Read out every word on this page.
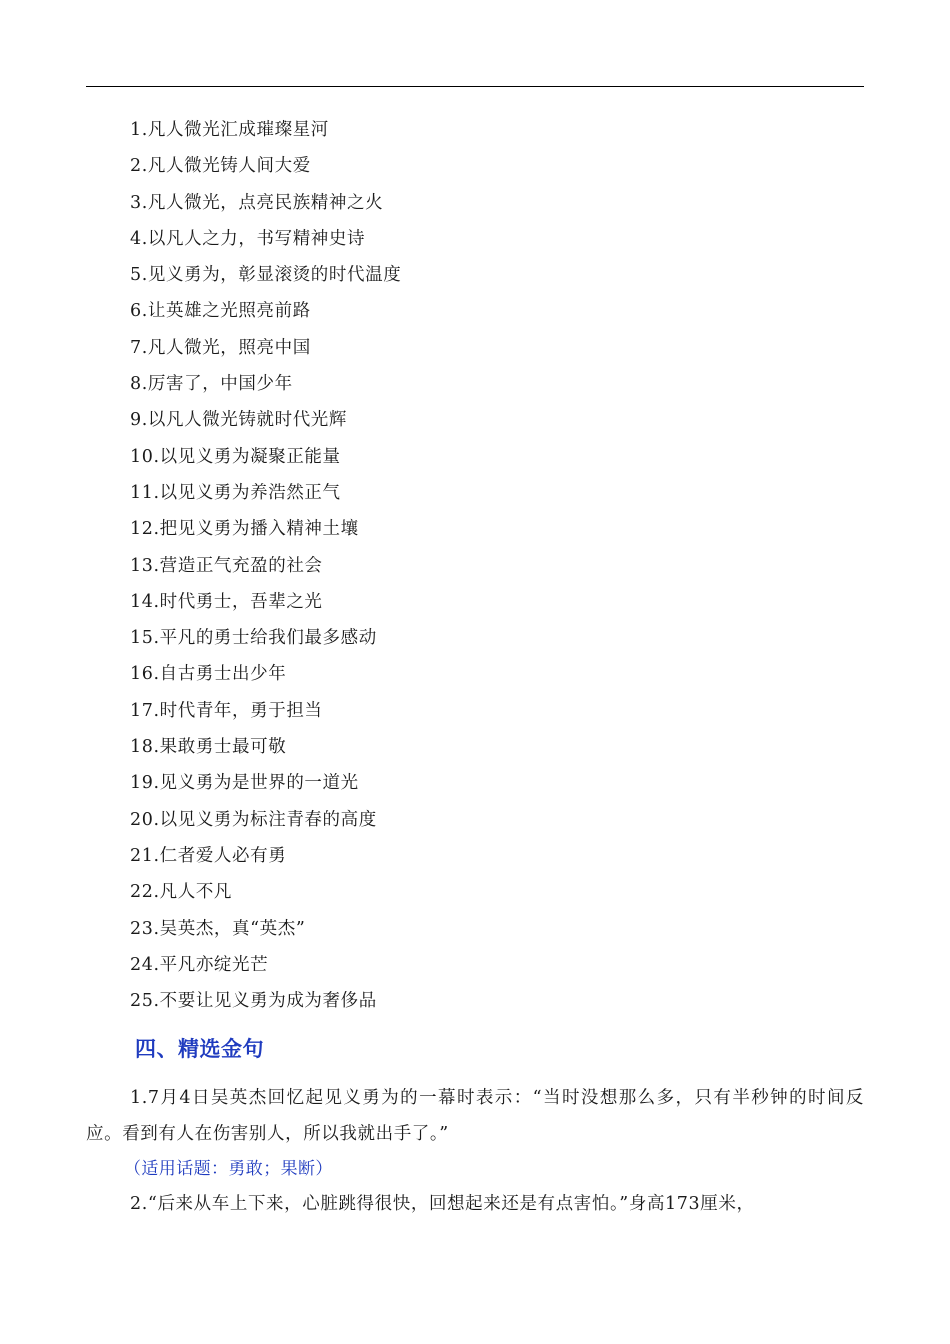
1.凡人微光汇成璀璨星河
2.凡人微光铸人间大爱
3.凡人微光，点亮民族精神之火
4.以凡人之力，书写精神史诗
5.见义勇为，彰显滚烫的时代温度
6.让英雄之光照亮前路
7.凡人微光，照亮中国
8.厉害了，中国少年
9.以凡人微光铸就时代光辉
10.以见义勇为凝聚正能量
11.以见义勇为养浩然正气
12.把见义勇为播入精神土壤
13.营造正气充盈的社会
14.时代勇士，吾辈之光
15.平凡的勇士给我们最多感动
16.自古勇士出少年
17.时代青年，勇于担当
18.果敢勇士最可敬
19.见义勇为是世界的一道光
20.以见义勇为标注青春的高度
21.仁者爱人必有勇
22.凡人不凡
23.吴英杰，真“英杰”
24.平凡亦绽光芒
25.不要让见义勇为成为奢侈品
四、精选金句

1.7月4日吴英杰回忆起见义勇为的一幕时表示：“当时没想那么多，只有半秒钟的时间反应。看到有人在伤害别人，所以我就出手了。”

（适用话题：勇敢；果断）

2.“后来从车上下来，心脏跳得很快，回想起来还是有点害怕。”身高173厘米，
